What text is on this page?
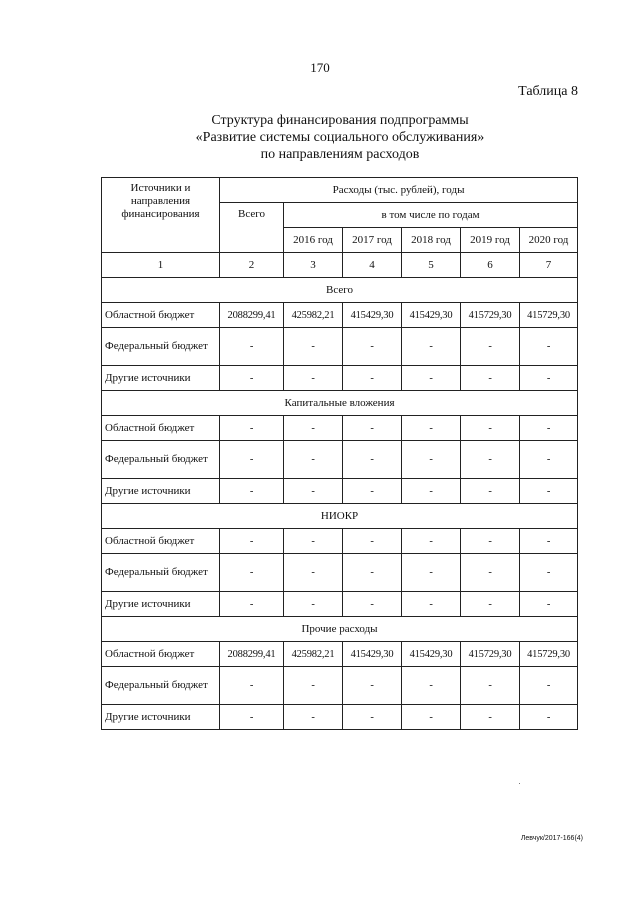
170
Таблица 8
Структура финансирования подпрограммы
«Развитие системы социального обслуживания»
по направлениям расходов
Источники и направления финансирования	Расходы (тыс. рублей), годы					
	Всего	в том числе по годам				
		2016 год	2017 год	2018 год	2019 год	2020 год
1	2	3	4	5	6	7
Всего						
Областной бюджет	2088299,41	425982,21	415429,30	415429,30	415729,30	415729,30
Федеральный бюджет	-	-	-	-	-	-
Другие источники	-	-	-	-	-	-
Капитальные вложения						
Областной бюджет	-	-	-	-	-	-
Федеральный бюджет	-	-	-	-	-	-
Другие источники	-	-	-	-	-	-
НИОКР						
Областной бюджет	-	-	-	-	-	-
Федеральный бюджет	-	-	-	-	-	-
Другие источники	-	-	-	-	-	-
Прочие расходы						
Областной бюджет	2088299,41	425982,21	415429,30	415429,30	415729,30	415729,30
Федеральный бюджет	-	-	-	-	-	-
Другие источники	-	-	-	-	-	-
Левчук/2017-166(4)
